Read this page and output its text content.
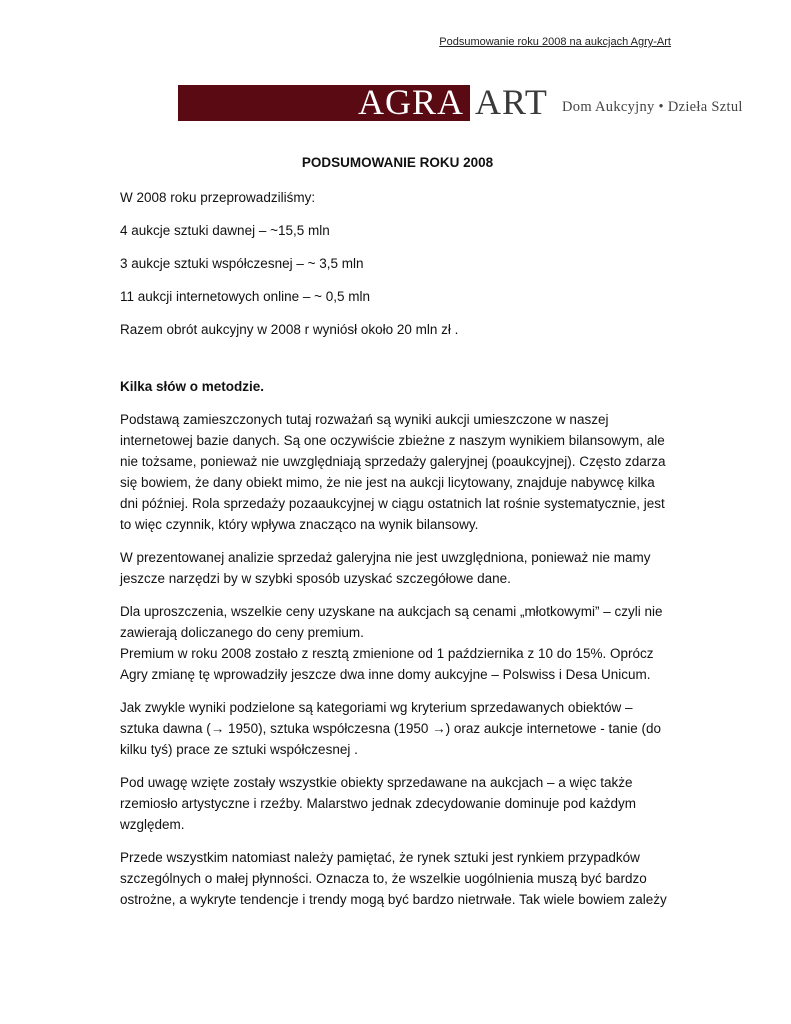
Podsumowanie roku 2008 na aukcjach Agry-Art
AGRA ART Dom Aukcyjny • Dzieła Sztul
PODSUMOWANIE ROKU 2008
W 2008 roku przeprowadziliśmy:
4 aukcje sztuki dawnej – ~15,5 mln
3 aukcje sztuki współczesnej – ~ 3,5 mln
11 aukcji internetowych online – ~ 0,5 mln
Razem obrót aukcyjny w 2008 r wyniósł około 20 mln zł .
Kilka słów o metodzie.
Podstawą zamieszczonych tutaj rozważań są wyniki aukcji umieszczone w naszej internetowej bazie danych. Są one oczywiście zbieżne z naszym wynikiem bilansowym, ale nie tożsame, ponieważ nie uwzględniają sprzedaży galeryjnej (poaukcyjnej). Często zdarza się bowiem, że dany obiekt mimo, że nie jest na aukcji licytowany, znajduje nabywcę kilka dni później. Rola sprzedaży pozaaukcyjnej w ciągu ostatnich lat rośnie systematycznie, jest to więc czynnik, który wpływa znacząco na wynik bilansowy.
W prezentowanej analizie sprzedaż galeryjna nie jest uwzględniona, ponieważ nie mamy jeszcze narzędzi by w szybki sposób uzyskać szczegółowe dane.
Dla uproszczenia, wszelkie ceny uzyskane na aukcjach są cenami „młotkowymi” – czyli nie zawierają doliczanego do ceny premium.
Premium w roku 2008 zostało z resztą zmienione od 1 października z 10 do 15%. Oprócz Agry zmianę tę wprowadziły jeszcze dwa inne domy aukcyjne – Polswiss i Desa Unicum.
Jak zwykle wyniki podzielone są kategoriami wg kryterium sprzedawanych obiektów – sztuka dawna (→ 1950), sztuka współczesna (1950 →) oraz aukcje internetowe - tanie (do kilku tyś) prace ze sztuki współczesnej .
Pod uwagę wzięte zostały wszystkie obiekty sprzedawane na aukcjach – a więc także rzemiosło artystyczne i rzeźby. Malarstwo jednak zdecydowanie dominuje pod każdym względem.
Przede wszystkim natomiast należy pamiętać, że rynek sztuki jest rynkiem przypadków szczególnych o małej płynności. Oznacza to, że wszelkie uogólnienia muszą być bardzo ostrożne, a wykryte tendencje i trendy mogą być bardzo nietrwałe. Tak wiele bowiem zależy
